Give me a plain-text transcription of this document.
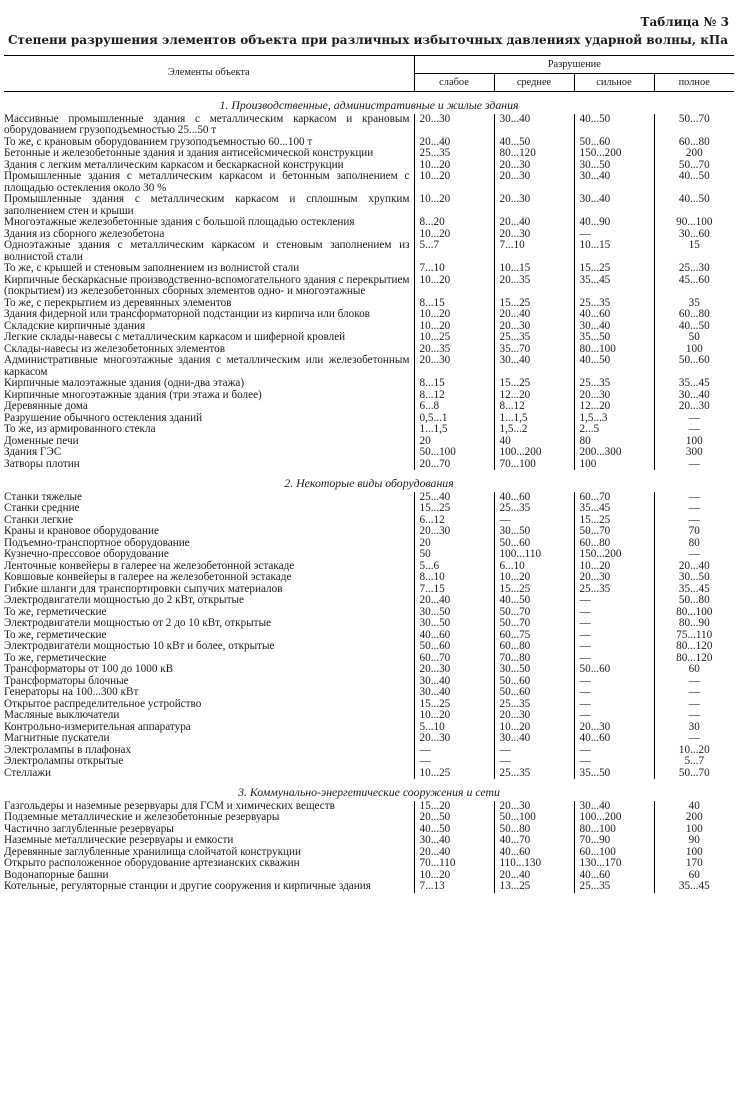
Таблица № 3
Степени разрушения элементов объекта при различных избыточных давлениях ударной волны, кПа
Элементы объекта	Разрушение			
	слабое	среднее	сильное	полное
1. Производственные, административные и жилые здания				
Массивные промышленные здания с металлическим каркасом и крановым оборудованием грузоподъемностью 25...50 т	20...30	30...40	40...50	50...70
То же, с крановым оборудованием грузоподъемностью 60...100 т	20...40	40...50	50...60	60...80
Бетонные и железобетонные здания и здания антисейсмической конструкции	25...35	80...120	150...200	200
Здания с легким металлическим каркасом и бескаркасной конструкции	10...20	20...30	30...50	50...70
Промышленные здания с металлическим каркасом и бетонным заполнением с площадью остекления около 30 %	10...20	20...30	30...40	40...50
Промышленные здания с металлическим каркасом и сплошным хрупким заполнением стен и крыши	10...20	20...30	30...40	40...50
Многоэтажные железобетонные здания с большой площадью остекления	8...20	20...40	40...90	90...100
Здания из сборного железобетона	10...20	20...30	—	30...60
Одноэтажные здания с металлическим каркасом и стеновым заполнением из волнистой стали	5...7	7...10	10...15	15
То же, с крышей и стеновым заполнением из волнистой стали	7...10	10...15	15...25	25...30
Кирпичные бескаркасные производственно-вспомогательного здания с перекрытием (покрытием) из железобетонных сборных элементов одно- и многоэтажные	10...20	20...35	35...45	45...60
То же, с перекрытием из деревянных элементов	8...15	15...25	25...35	35
Здания фидерной или трансформаторной подстанции из кирпича или блоков	10...20	20...40	40...60	60...80
Складские кирпичные здания	10...20	20...30	30...40	40...50
Легкие склады-навесы с металлическим каркасом и шиферной кровлей	10...25	25...35	35...50	50
Склады-навесы из железобетонных элементов	20...35	35...70	80...100	100
Административные многоэтажные здания с металлическим или железобетонным каркасом	20...30	30...40	40...50	50...60
Кирпичные малоэтажные здания (одни-два этажа)	8...15	15...25	25...35	35...45
Кирпичные многоэтажные здания (три этажа и более)	8...12	12...20	20...30	30...40
Деревянные дома	6...8	8...12	12...20	20...30
Разрушение обычного остекления зданий	0,5...1	1...1,5	1,5...3	—
То же, из армированного стекла	1...1,5	1,5...2	2...5	—
Доменные печи	20	40	80	100
Здания ГЭС	50...100	100...200	200...300	300
Затворы плотин	20...70	70...100	100	—
2. Некоторые виды оборудования				
Станки тяжелые	25...40	40...60	60...70	—
Станки средние	15...25	25...35	35...45	—
Станки легкие	6...12	—	15...25	—
Краны и крановое оборудование	20...30	30...50	50...70	70
Подъемно-транспортное оборудование	20	50...60	60...80	80
Кузнечно-прессовое оборудование	50	100...110	150...200	—
Ленточные конвейеры в галерее на железобетонной эстакаде	5...6	6...10	10...20	20...40
Ковшовые конвейеры в галерее на железобетонной эстакаде	8...10	10...20	20...30	30...50
Гибкие шланги для транспортировки сыпучих материалов	7...15	15...25	25...35	35...45
Электродвигатели мощностью до 2 кВт, открытые	20...40	40...50	—	50...80
То же, герметические	30...50	50...70	—	80...100
Электродвигатели мощностью от 2 до 10 кВт, открытые	30...50	50...70	—	80...90
То же, герметические	40...60	60...75	—	75...110
Электродвигатели мощностью 10 кВт и более, открытые	50...60	60...80	—	80...120
То же, герметические	60...70	70...80	—	80...120
Трансформаторы от 100 до 1000 кВ	20...30	30...50	50...60	60
Трансформаторы блочные	30...40	50...60	—	—
Генераторы на 100...300 кВт	30...40	50...60	—	—
Открытое распределительное устройство	15...25	25...35	—	—
Масляные выключатели	10...20	20...30	—	—
Контрольно-измерительная аппаратура	5...10	10...20	20...30	30
Магнитные пускатели	20...30	30...40	40...60	—
Электролампы в плафонах	—	—	—	10...20
Электролампы открытые	—	—	—	5...7
Стеллажи	10...25	25...35	35...50	50...70
3. Коммунально-энергетические сооружения и сети				
Газгольдеры и наземные резервуары для ГСМ и химических веществ	15...20	20...30	30...40	40
Подземные металлические и железобетонные резервуары	20...50	50...100	100...200	200
Частично заглубленные резервуары	40...50	50...80	80...100	100
Наземные металлические резервуары и емкости	30...40	40...70	70...90	90
Деревянные заглубленные хранилища слойчатой конструкции	20...40	40...60	60...100	100
Открыто расположенное оборудование артезианских скважин	70...110	110...130	130...170	170
Водонапорные башни	10...20	20...40	40...60	60
Котельные, регуляторные станции и другие сооружения и кирпичные здания	7...13	13...25	25...35	35...45
